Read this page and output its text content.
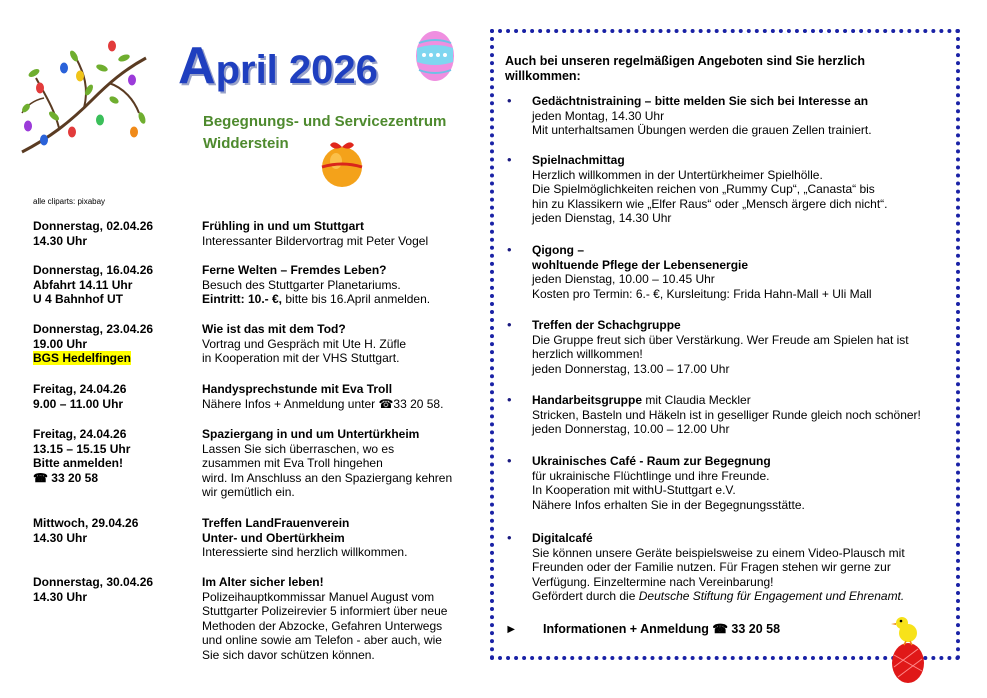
April 2026
Begegnungs- und Servicezentrum
Widderstein
alle cliparts: pixabay
Donnerstag, 02.04.26
14.30 Uhr
Frühling in und um Stuttgart
Interessanter Bildervortrag mit Peter Vogel
Donnerstag, 16.04.26
Abfahrt 14.11 Uhr
U 4 Bahnhof UT
Ferne Welten – Fremdes Leben?
Besuch des Stuttgarter Planetariums.
Eintritt: 10.- €, bitte bis 16.April anmelden.
Donnerstag, 23.04.26
19.00 Uhr
BGS Hedelfingen
Wie ist das mit dem Tod?
Vortrag und Gespräch mit Ute H. Züfle
in Kooperation mit der VHS Stuttgart.
Freitag, 24.04.26
9.00 – 11.00 Uhr
Handysprechstunde mit Eva Troll
Nähere Infos + Anmeldung unter ☎33 20 58.
Freitag, 24.04.26
13.15 – 15.15 Uhr
Bitte anmelden!
☎ 33 20 58
Spaziergang in und um Untertürkheim
Lassen Sie sich überraschen, wo es
zusammen mit Eva Troll hingehen
wird. Im Anschluss an den Spaziergang kehren
wir gemütlich ein.
Mittwoch, 29.04.26
14.30 Uhr
Treffen LandFrauenverein
Unter- und Obertürkheim
Interessierte sind herzlich willkommen.
Donnerstag, 30.04.26
14.30 Uhr
Im Alter sicher leben!
Polizeihauptkommissar Manuel August vom
Stuttgarter Polizeirevier 5 informiert über neue
Methoden der Abzocke, Gefahren Unterwegs
und online sowie am Telefon - aber auch, wie
Sie sich davor schützen können.
Auch bei unseren regelmäßigen Angeboten sind Sie herzlich
willkommen:
• Gedächtnistraining – bitte melden Sie sich bei Interesse an
jeden Montag, 14.30 Uhr
Mit unterhaltsamen Übungen werden die grauen Zellen trainiert.
• Spielnachmittag
Herzlich willkommen in der Untertürkheimer Spielhölle.
Die Spielmöglichkeiten reichen von „Rummy Cup“, „Canasta“ bis
hin zu Klassikern wie „Elfer Raus“ oder „Mensch ärgere dich nicht“.
jeden Dienstag, 14.30 Uhr
• Qigong –
wohltuende Pflege der Lebensenergie
jeden Dienstag, 10.00 – 10.45 Uhr
Kosten pro Termin: 6.- €, Kursleitung: Frida Hahn-Mall + Uli Mall
• Treffen der Schachgruppe
Die Gruppe freut sich über Verstärkung. Wer Freude am Spielen hat ist
herzlich willkommen!
jeden Donnerstag, 13.00 – 17.00 Uhr
• Handarbeitsgruppe mit Claudia Meckler
Stricken, Basteln und Häkeln ist in geselliger Runde gleich noch schöner!
jeden Donnerstag, 10.00 – 12.00 Uhr
• Ukrainisches Café - Raum zur Begegnung
für ukrainische Flüchtlinge und ihre Freunde.
In Kooperation mit withU-Stuttgart e.V.
Nähere Infos erhalten Sie in der Begegnungsstätte.
• Digitalcafé
Sie können unsere Geräte beispielsweise zu einem Video-Plausch mit
Freunden oder der Familie nutzen. Für Fragen stehen wir gerne zur
Verfügung. Einzeltermine nach Vereinbarung!
Gefördert durch die Deutsche Stiftung für Engagement und Ehrenamt.
► Informationen + Anmeldung ☎ 33 20 58
